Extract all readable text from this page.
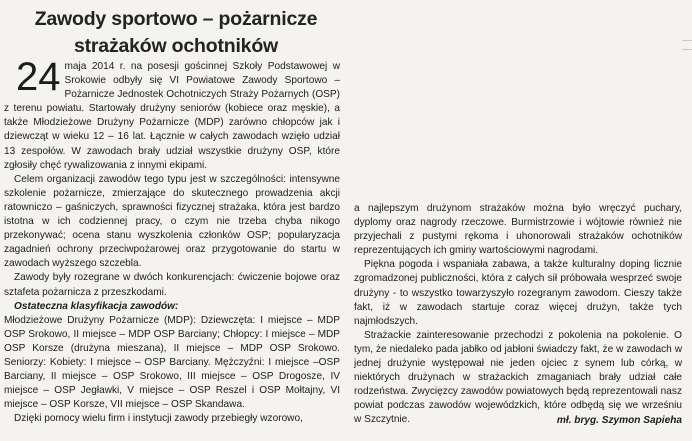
Zawody sportowo – pożarnicze
strażaków ochotników

24 maja 2014 r. na posesji gościnnej Szkoły Podstawowej w Srokowie odbyły się VI Powiatowe Zawody Sportowo – Pożarnicze Jednostek Ochotniczych Straży Pożarnych (OSP) z terenu powiatu. Startowały drużyny seniorów (kobiece oraz męskie), a także Młodzieżowe Drużyny Pożarnicze (MDP) zarówno chłopców jak i dziewcząt w wieku 12 – 16 lat. Łącznie w całych zawodach wzięło udział 13 zespołów. W zawodach brały udział wszystkie drużyny OSP, które zgłosiły chęć rywalizowania z innymi ekipami.

Celem organizacji zawodów tego typu jest w szczególności: intensywne szkolenie pożarnicze, zmierzające do skutecznego prowadzenia akcji ratowniczo – gaśniczych, sprawności fizycznej strażaka, która jest bardzo istotna w ich codziennej pracy, o czym nie trzeba chyba nikogo przekonywać; ocena stanu wyszkolenia członków OSP; popularyzacja zagadnień ochrony przeciwpożarowej oraz przygotowanie do startu w zawodach wyższego szczebla.

Zawody były rozegrane w dwóch konkurencjach: ćwiczenie bojowe oraz sztafeta pożarnicza z przeszkodami.

Ostateczna klasyfikacja zawodów:

Młodzieżowe Drużyny Pożarnicze (MDP): Dziewczęta: I miejsce – MDP OSP Srokowo, II miejsce – MDP OSP Barciany; Chłopcy: I miejsce – MDP OSP Korsze (drużyna mieszana), II miejsce – MDP OSP Srokowo. Seniorzy: Kobiety: I miejsce – OSP Barciany. Mężczyźni: I miejsce –OSP Barciany, II miejsce – OSP Srokowo, III miejsce – OSP Drogosze, IV miejsce – OSP Jegławki, V miejsce – OSP Reszel i OSP Mołtajny, VI miejsce – OSP Korsze, VII miejsce – OSP Skandawa.

Dzięki pomocy wielu firm i instytucji zawody przebiegły wzorowo,

a najlepszym drużynom strażaków można było wręczyć puchary, dyplomy oraz nagrody rzeczowe. Burmistrzowie i wójtowie również nie przyjechali z pustymi rękoma i uhonorowali strażaków ochotników reprezentujących ich gminy wartościowymi nagrodami.

Piękna pogoda i wspaniała zabawa, a także kulturalny doping licznie zgromadzonej publiczności, która z całych sił próbowała wesprzeć swoje drużyny - to wszystko towarzyszyło rozegranym zawodom. Cieszy także fakt, iż w zawodach startuje coraz więcej drużyn, także tych najmłodszych.

Strażackie zainteresowanie przechodzi z pokolenia na pokolenie. O tym, że niedaleko pada jabłko od jabłoni świadczy fakt, że w zawodach w jednej drużynie występował nie jeden ojciec z synem lub córką, w niektórych drużynach w strażackich zmaganiach brały udział całe rodzeństwa. Zwycięzcy zawodów powiatowych będą reprezentowali nasz powiat podczas zawodów wojewódzkich, które odbędą się we wrześniu w Szczytnie.	mł. bryg. Szymon Sapieha
